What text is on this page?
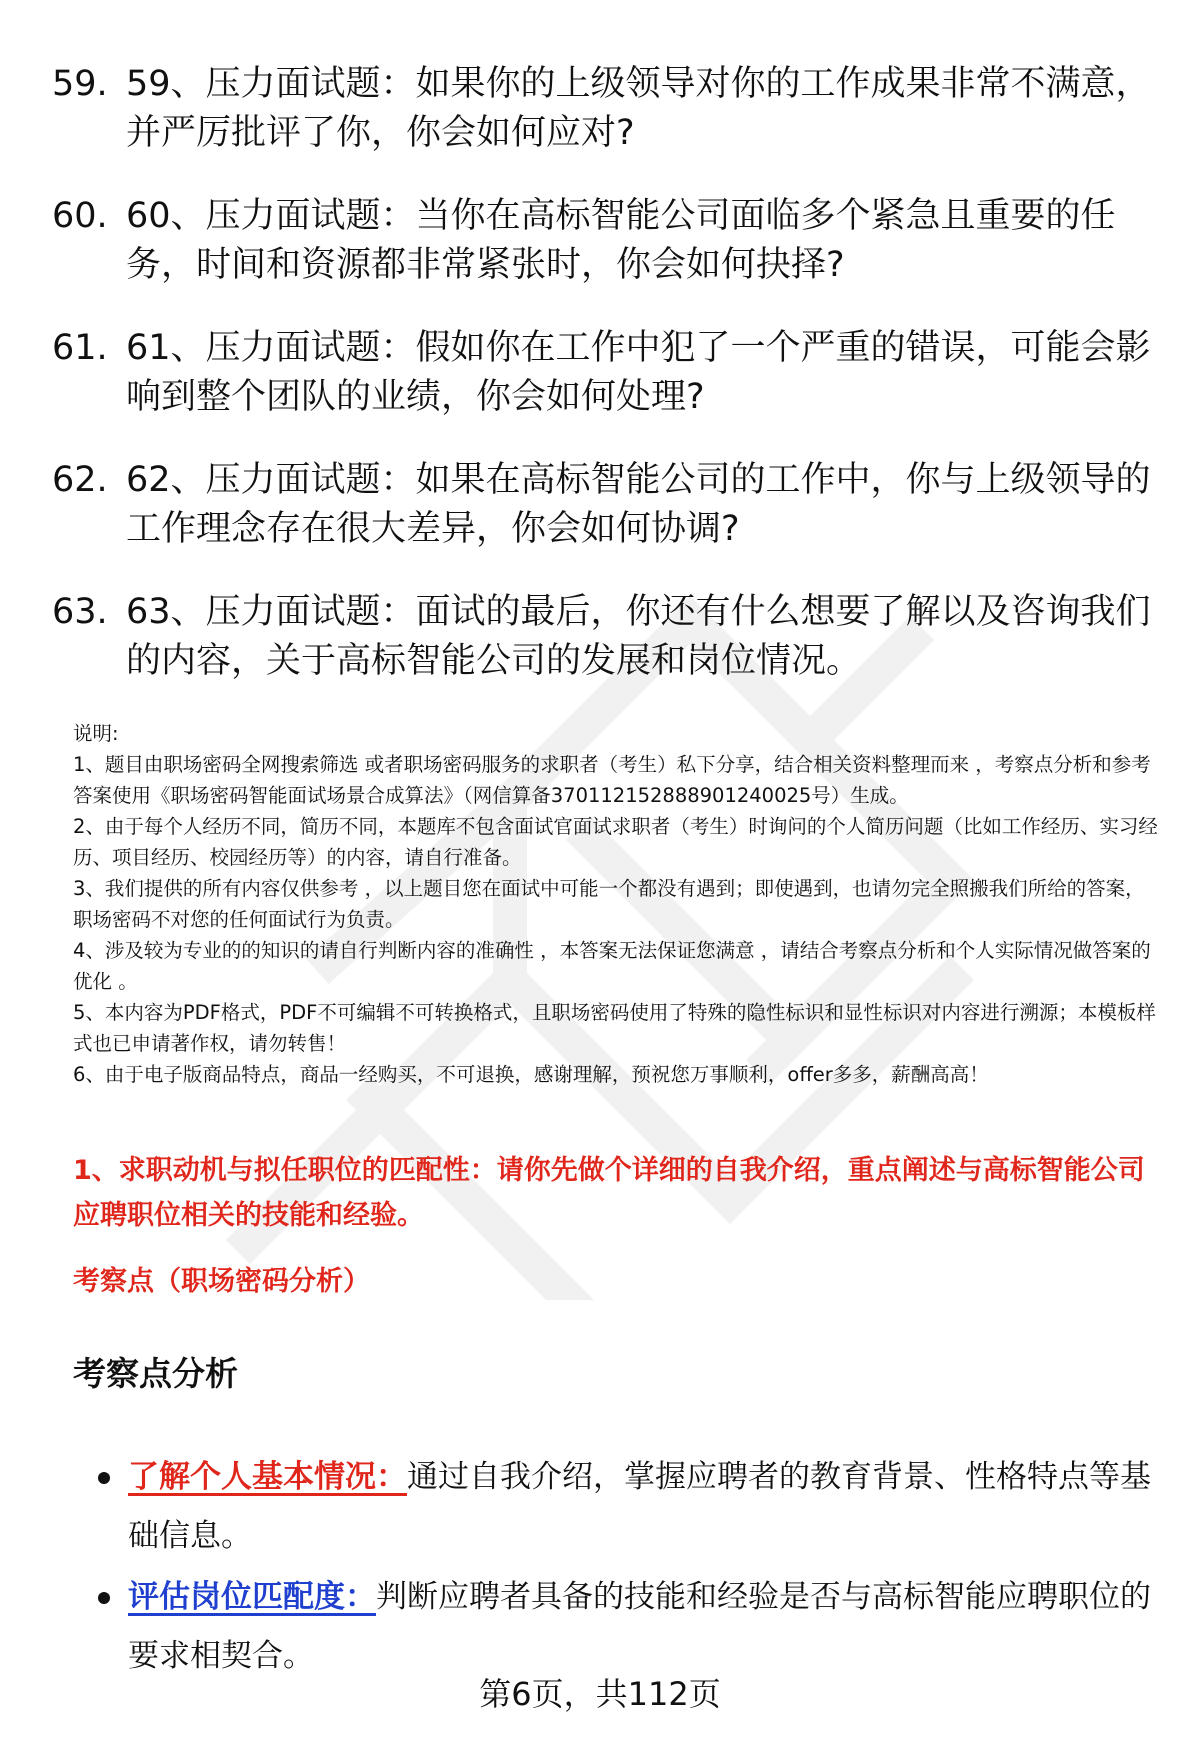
59. 59、压力面试题：如果你的上级领导对你的工作成果非常不满意，并严厉批评了你，你会如何应对?
60. 60、压力面试题：当你在高标智能公司面临多个紧急且重要的任务，时间和资源都非常紧张时，你会如何抉择?
61. 61、压力面试题：假如你在工作中犯了一个严重的错误，可能会影响到整个团队的业绩，你会如何处理?
62. 62、压力面试题：如果在高标智能公司的工作中，你与上级领导的工作理念存在很大差异，你会如何协调?
63. 63、压力面试题：面试的最后，你还有什么想要了解以及咨询我们的内容，关于高标智能公司的发展和岗位情况。

说明:

1、题目由职场密码全网搜索筛选 或者职场密码服务的求职者（考生）私下分享，结合相关资料整理而来 ，考察点分析和参考答案使用《职场密码智能面试场景合成算法》（网信算备370112152888901240025号）生成。

2、由于每个人经历不同，简历不同，本题库不包含面试官面试求职者（考生）时询问的个人简历问题（比如工作经历、实习经历、项目经历、校园经历等）的内容，请自行准备。

3、我们提供的所有内容仅供参考 ，以上题目您在面试中可能一个都没有遇到；即使遇到，也请勿完全照搬我们所给的答案，职场密码不对您的任何面试行为负责。

4、涉及较为专业的的知识的请自行判断内容的准确性 ，本答案无法保证您满意 ，请结合考察点分析和个人实际情况做答案的优化 。

5、本内容为PDF格式，PDF不可编辑不可转换格式，且职场密码使用了特殊的隐性标识和显性标识对内容进行溯源；本模板样式也已申请著作权，请勿转售！

6、由于电子版商品特点，商品一经购买，不可退换，感谢理解，预祝您万事顺利，offer多多，薪酬高高！

1、求职动机与拟任职位的匹配性：请你先做个详细的自我介绍，重点阐述与高标智能公司应聘职位相关的技能和经验。
考察点（职场密码分析）
考察点分析
了解个人基本情况：通过自我介绍，掌握应聘者的教育背景、性格特点等基础信息。
评估岗位匹配度：判断应聘者具备的技能和经验是否与高标智能应聘职位的要求相契合。
第6页，共112页
